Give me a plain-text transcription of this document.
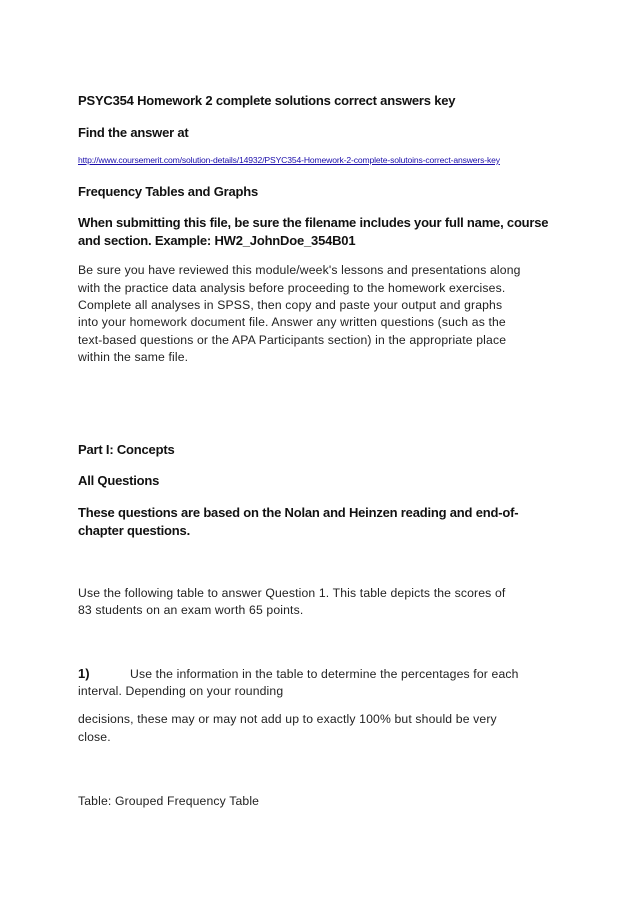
PSYC354 Homework 2 complete solutions correct answers key
Find the answer at
http://www.coursemerit.com/solution-details/14932/PSYC354-Homework-2-complete-solutoins-correct-answers-key
Frequency Tables and Graphs
When submitting this file, be sure the filename includes your full name, course
and section. Example: HW2_JohnDoe_354B01
Be sure you have reviewed this module/week's lessons and presentations along
with the practice data analysis before proceeding to the homework exercises.
Complete all analyses in SPSS, then copy and paste your output and graphs
into your homework document file. Answer any written questions (such as the
text-based questions or the APA Participants section) in the appropriate place
within the same file.
Part I: Concepts
All Questions
These questions are based on the Nolan and Heinzen reading and end-of-
chapter questions.
Use the following table to answer Question 1. This table depicts the scores of
83 students on an exam worth 65 points.
1)	Use the information in the table to determine the percentages for each
interval. Depending on your rounding
decisions, these may or may not add up to exactly 100% but should be very
close.
Table: Grouped Frequency Table
